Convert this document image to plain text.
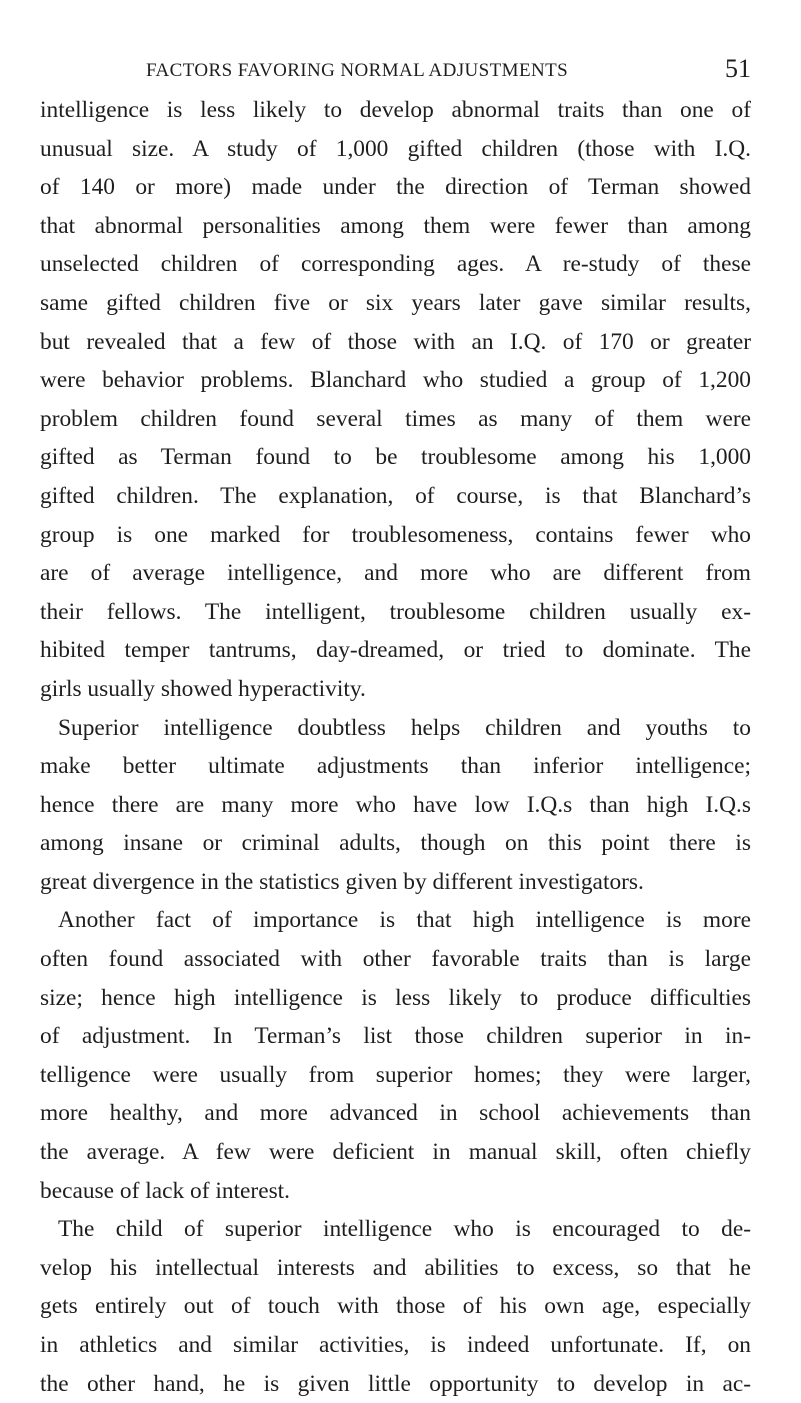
FACTORS FAVORING NORMAL ADJUSTMENTS	51
intelligence is less likely to develop abnormal traits than one of
unusual size. A study of 1,000 gifted children (those with I.Q.
of 140 or more) made under the direction of Terman showed
that abnormal personalities among them were fewer than among
unselected children of corresponding ages. A re-study of these
same gifted children five or six years later gave similar results,
but revealed that a few of those with an I.Q. of 170 or greater
were behavior problems. Blanchard who studied a group of 1,200
problem children found several times as many of them were
gifted as Terman found to be troublesome among his 1,000
gifted children. The explanation, of course, is that Blanchard’s
group is one marked for troublesomeness, contains fewer who
are of average intelligence, and more who are different from
their fellows. The intelligent, troublesome children usually ex-
hibited temper tantrums, day-dreamed, or tried to dominate. The
girls usually showed hyperactivity.
Superior intelligence doubtless helps children and youths to
make better ultimate adjustments than inferior intelligence;
hence there are many more who have low I.Q.s than high I.Q.s
among insane or criminal adults, though on this point there is
great divergence in the statistics given by different investigators.
Another fact of importance is that high intelligence is more
often found associated with other favorable traits than is large
size; hence high intelligence is less likely to produce difficulties
of adjustment. In Terman’s list those children superior in in-
telligence were usually from superior homes; they were larger,
more healthy, and more advanced in school achievements than
the average. A few were deficient in manual skill, often chiefly
because of lack of interest.
The child of superior intelligence who is encouraged to de-
velop his intellectual interests and abilities to excess, so that he
gets entirely out of touch with those of his own age, especially
in athletics and similar activities, is indeed unfortunate. If, on
the other hand, he is given little opportunity to develop in ac-
